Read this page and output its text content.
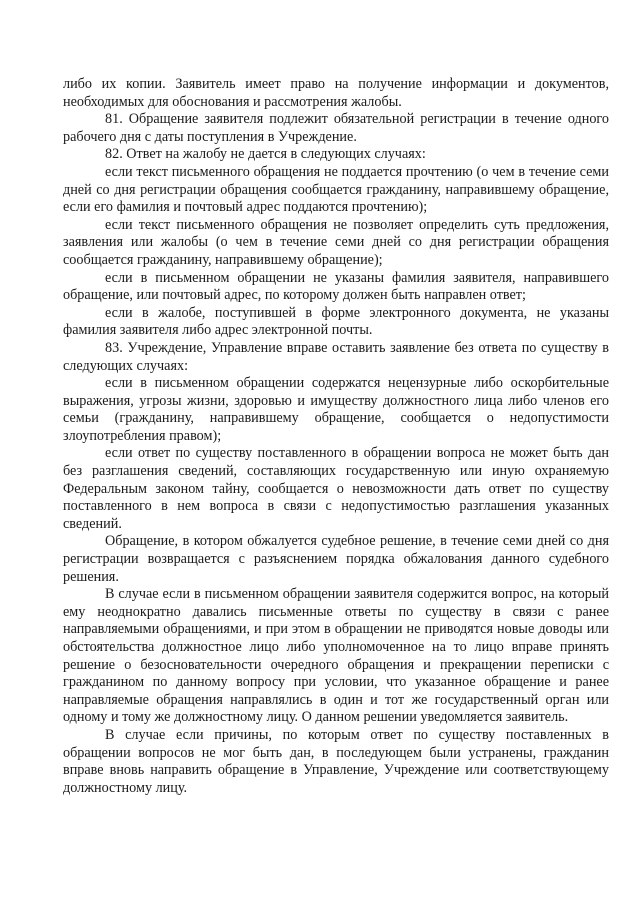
либо их копии. Заявитель имеет право на получение информации и документов, необходимых для обоснования и рассмотрения жалобы.

81. Обращение заявителя подлежит обязательной регистрации в течение одного рабочего дня с даты поступления в Учреждение.

82. Ответ на жалобу не дается в следующих случаях:

если текст письменного обращения не поддается прочтению (о чем в течение семи дней со дня регистрации обращения сообщается гражданину, направившему обращение, если его фамилия и почтовый адрес поддаются прочтению);

если текст письменного обращения не позволяет определить суть предложения, заявления или жалобы (о чем в течение семи дней со дня регистрации обращения сообщается гражданину, направившему обращение);

если в письменном обращении не указаны фамилия заявителя, направившего обращение, или почтовый адрес, по которому должен быть направлен ответ;

если в жалобе, поступившей в форме электронного документа, не указаны фамилия заявителя либо адрес электронной почты.

83. Учреждение, Управление вправе оставить заявление без ответа по существу в следующих случаях:

если в письменном обращении содержатся нецензурные либо оскорбительные выражения, угрозы жизни, здоровью и имуществу должностного лица либо членов его семьи (гражданину, направившему обращение, сообщается о недопустимости злоупотребления правом);

если ответ по существу поставленного в обращении вопроса не может быть дан без разглашения сведений, составляющих государственную или иную охраняемую Федеральным законом тайну, сообщается о невозможности дать ответ по существу поставленного в нем вопроса в связи с недопустимостью разглашения указанных сведений.

Обращение, в котором обжалуется судебное решение, в течение семи дней со дня регистрации возвращается с разъяснением порядка обжалования данного судебного решения.

В случае если в письменном обращении заявителя содержится вопрос, на который ему неоднократно давались письменные ответы по существу в связи с ранее направляемыми обращениями, и при этом в обращении не приводятся новые доводы или обстоятельства должностное лицо либо уполномоченное на то лицо вправе принять решение о безосновательности очередного обращения и прекращении переписки с гражданином по данному вопросу при условии, что указанное обращение и ранее направляемые обращения направлялись в один и тот же государственный орган или одному и тому же должностному лицу. О данном решении уведомляется заявитель.

В случае если причины, по которым ответ по существу поставленных в обращении вопросов не мог быть дан, в последующем были устранены, гражданин вправе вновь направить обращение в Управление, Учреждение или соответствующему должностному лицу.
